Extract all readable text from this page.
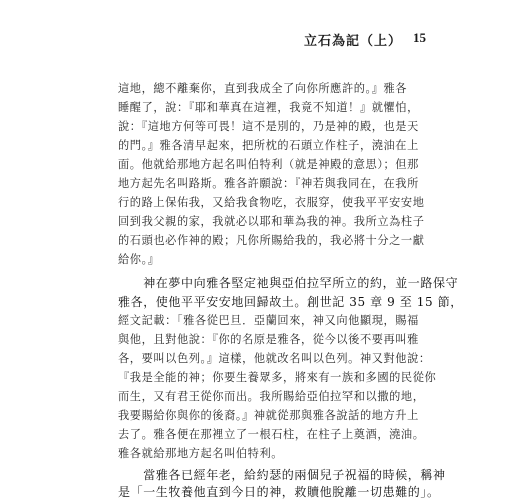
立石為記（上） 15
這地，總不離棄你，直到我成全了向你所應許的。』雅各
睡醒了，說：『耶和華真在這裡，我竟不知道！』就懼怕，
說：『這地方何等可畏！這不是別的，乃是神的殿，也是天
的門。』雅各清早起來，把所枕的石頭立作柱子，澆油在上
面。他就給那地方起名叫伯特利（就是神殿的意思）；但那
地方起先名叫路斯。雅各許願說：『神若與我同在，在我所
行的路上保佑我，又給我食物吃，衣服穿，使我平平安安地
回到我父親的家，我就必以耶和華為我的神。我所立為柱子
的石頭也必作神的殿；凡你所賜給我的，我必將十分之一獻
給你。』
　　神在夢中向雅各堅定祂與亞伯拉罕所立的約，並一路保守
雅各，使他平平安安地回歸故土。創世記 35 章 9 至 15 節，
經文記載：「雅各從巴旦．亞蘭回來，神又向他顯現，賜福
與他，且對他說：『你的名原是雅各，從今以後不要再叫雅
各，要叫以色列。』這樣，他就改名叫以色列。神又對他說：
『我是全能的神；你要生養眾多，將來有一族和多國的民從你
而生，又有君王從你而出。我所賜給亞伯拉罕和以撒的地，
我要賜給你與你的後裔。』神就從那與雅各說話的地方升上
去了。雅各便在那裡立了一根石柱，在柱子上奠酒，澆油。
雅各就給那地方起名叫伯特利。
　　當雅各已經年老，給約瑟的兩個兒子祝福的時候，稱神
是「一生牧養他直到今日的神，救贖他脫離一切患難的」。
